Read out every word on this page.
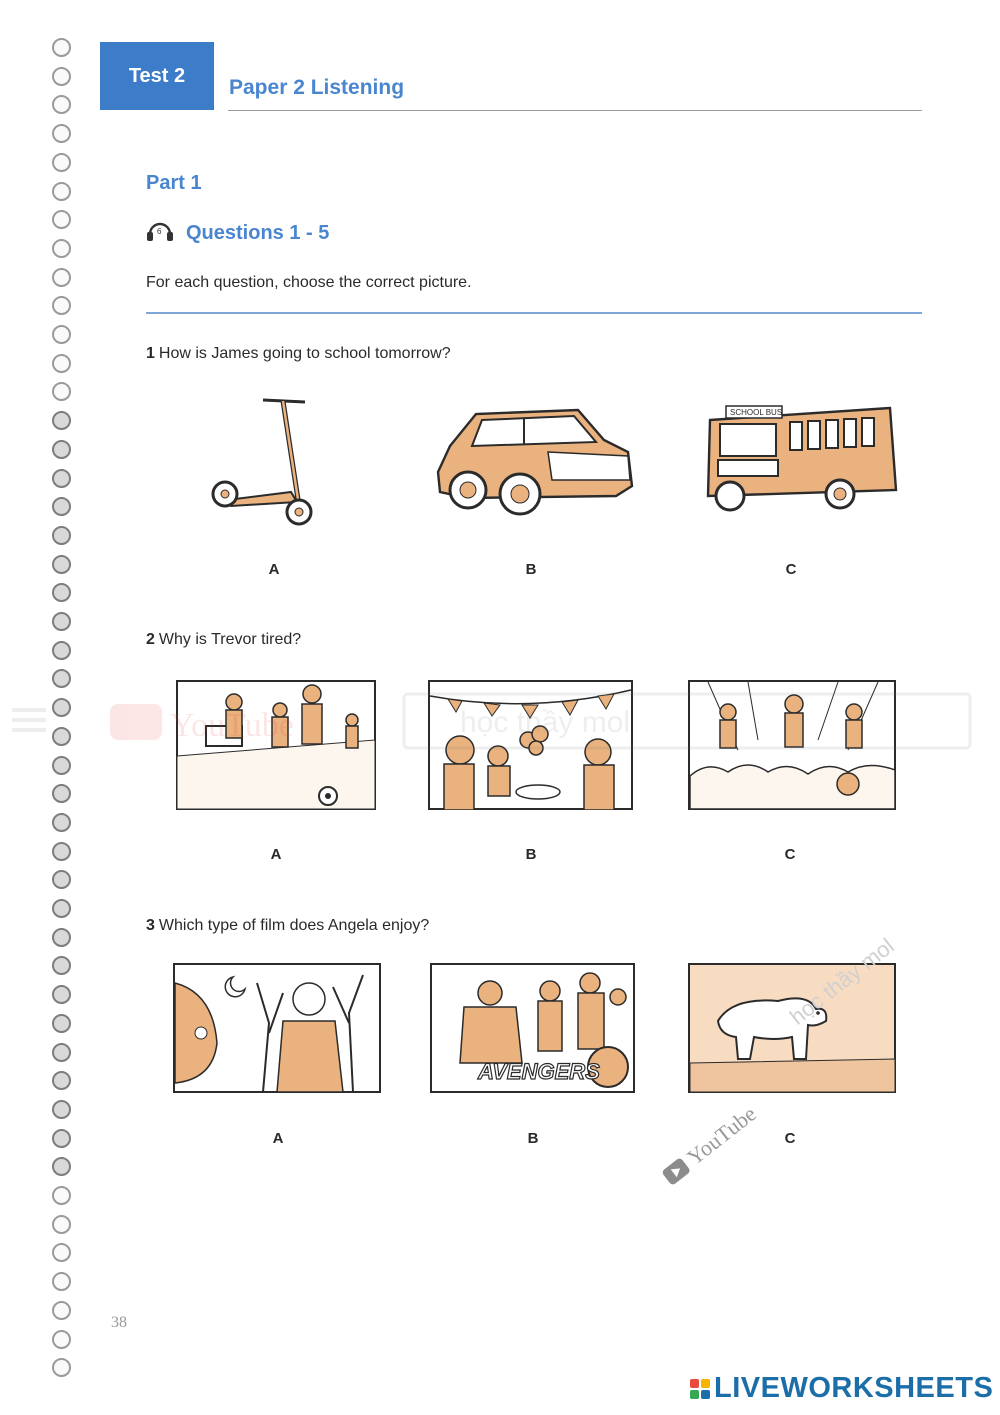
Test 2
Paper 2 Listening
Part 1
6 Questions 1 - 5
For each question, choose the correct picture.
1 How is James going to school tomorrow?
A	B
SCHOOL BUS
C
2 Why is Trevor tired?
A	B	C
3 Which type of film does Angela enjoy?
A
AVENGERS
B	C
học thầy mol
YouTube
38
LIVEWORKSHEETS
